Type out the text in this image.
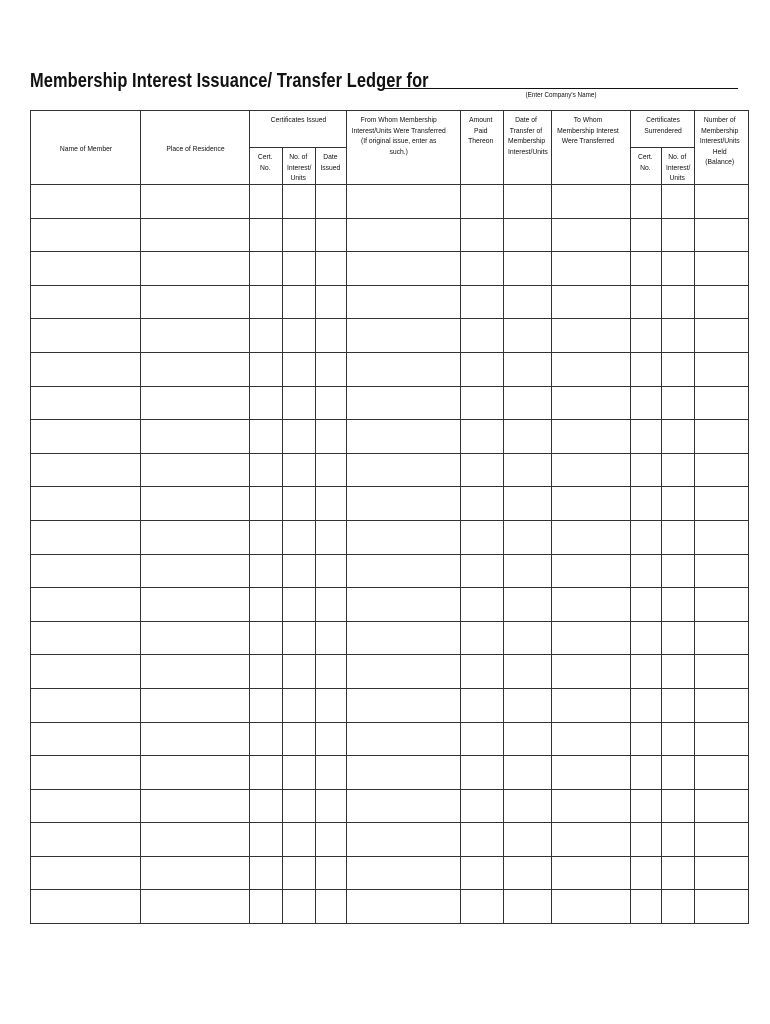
Membership Interest Issuance/ Transfer Ledger for
(Enter Company's Name)
Name of Member	Place of Residence	Certificates Issued			From Whom Membership Interest/Units Were Transferred (If original issue, enter as such.)	Amount Paid Thereon	Date of Transfer of Membership Interest/Units	To Whom Membership Interest Were Transferred	Certificates Surrendered		Number of Membership Interest/Units Held (Balance)

		Cert. No.	No. of Interest/ Units	Date Issued					Cert. No.	No. of Interest/ Units	
